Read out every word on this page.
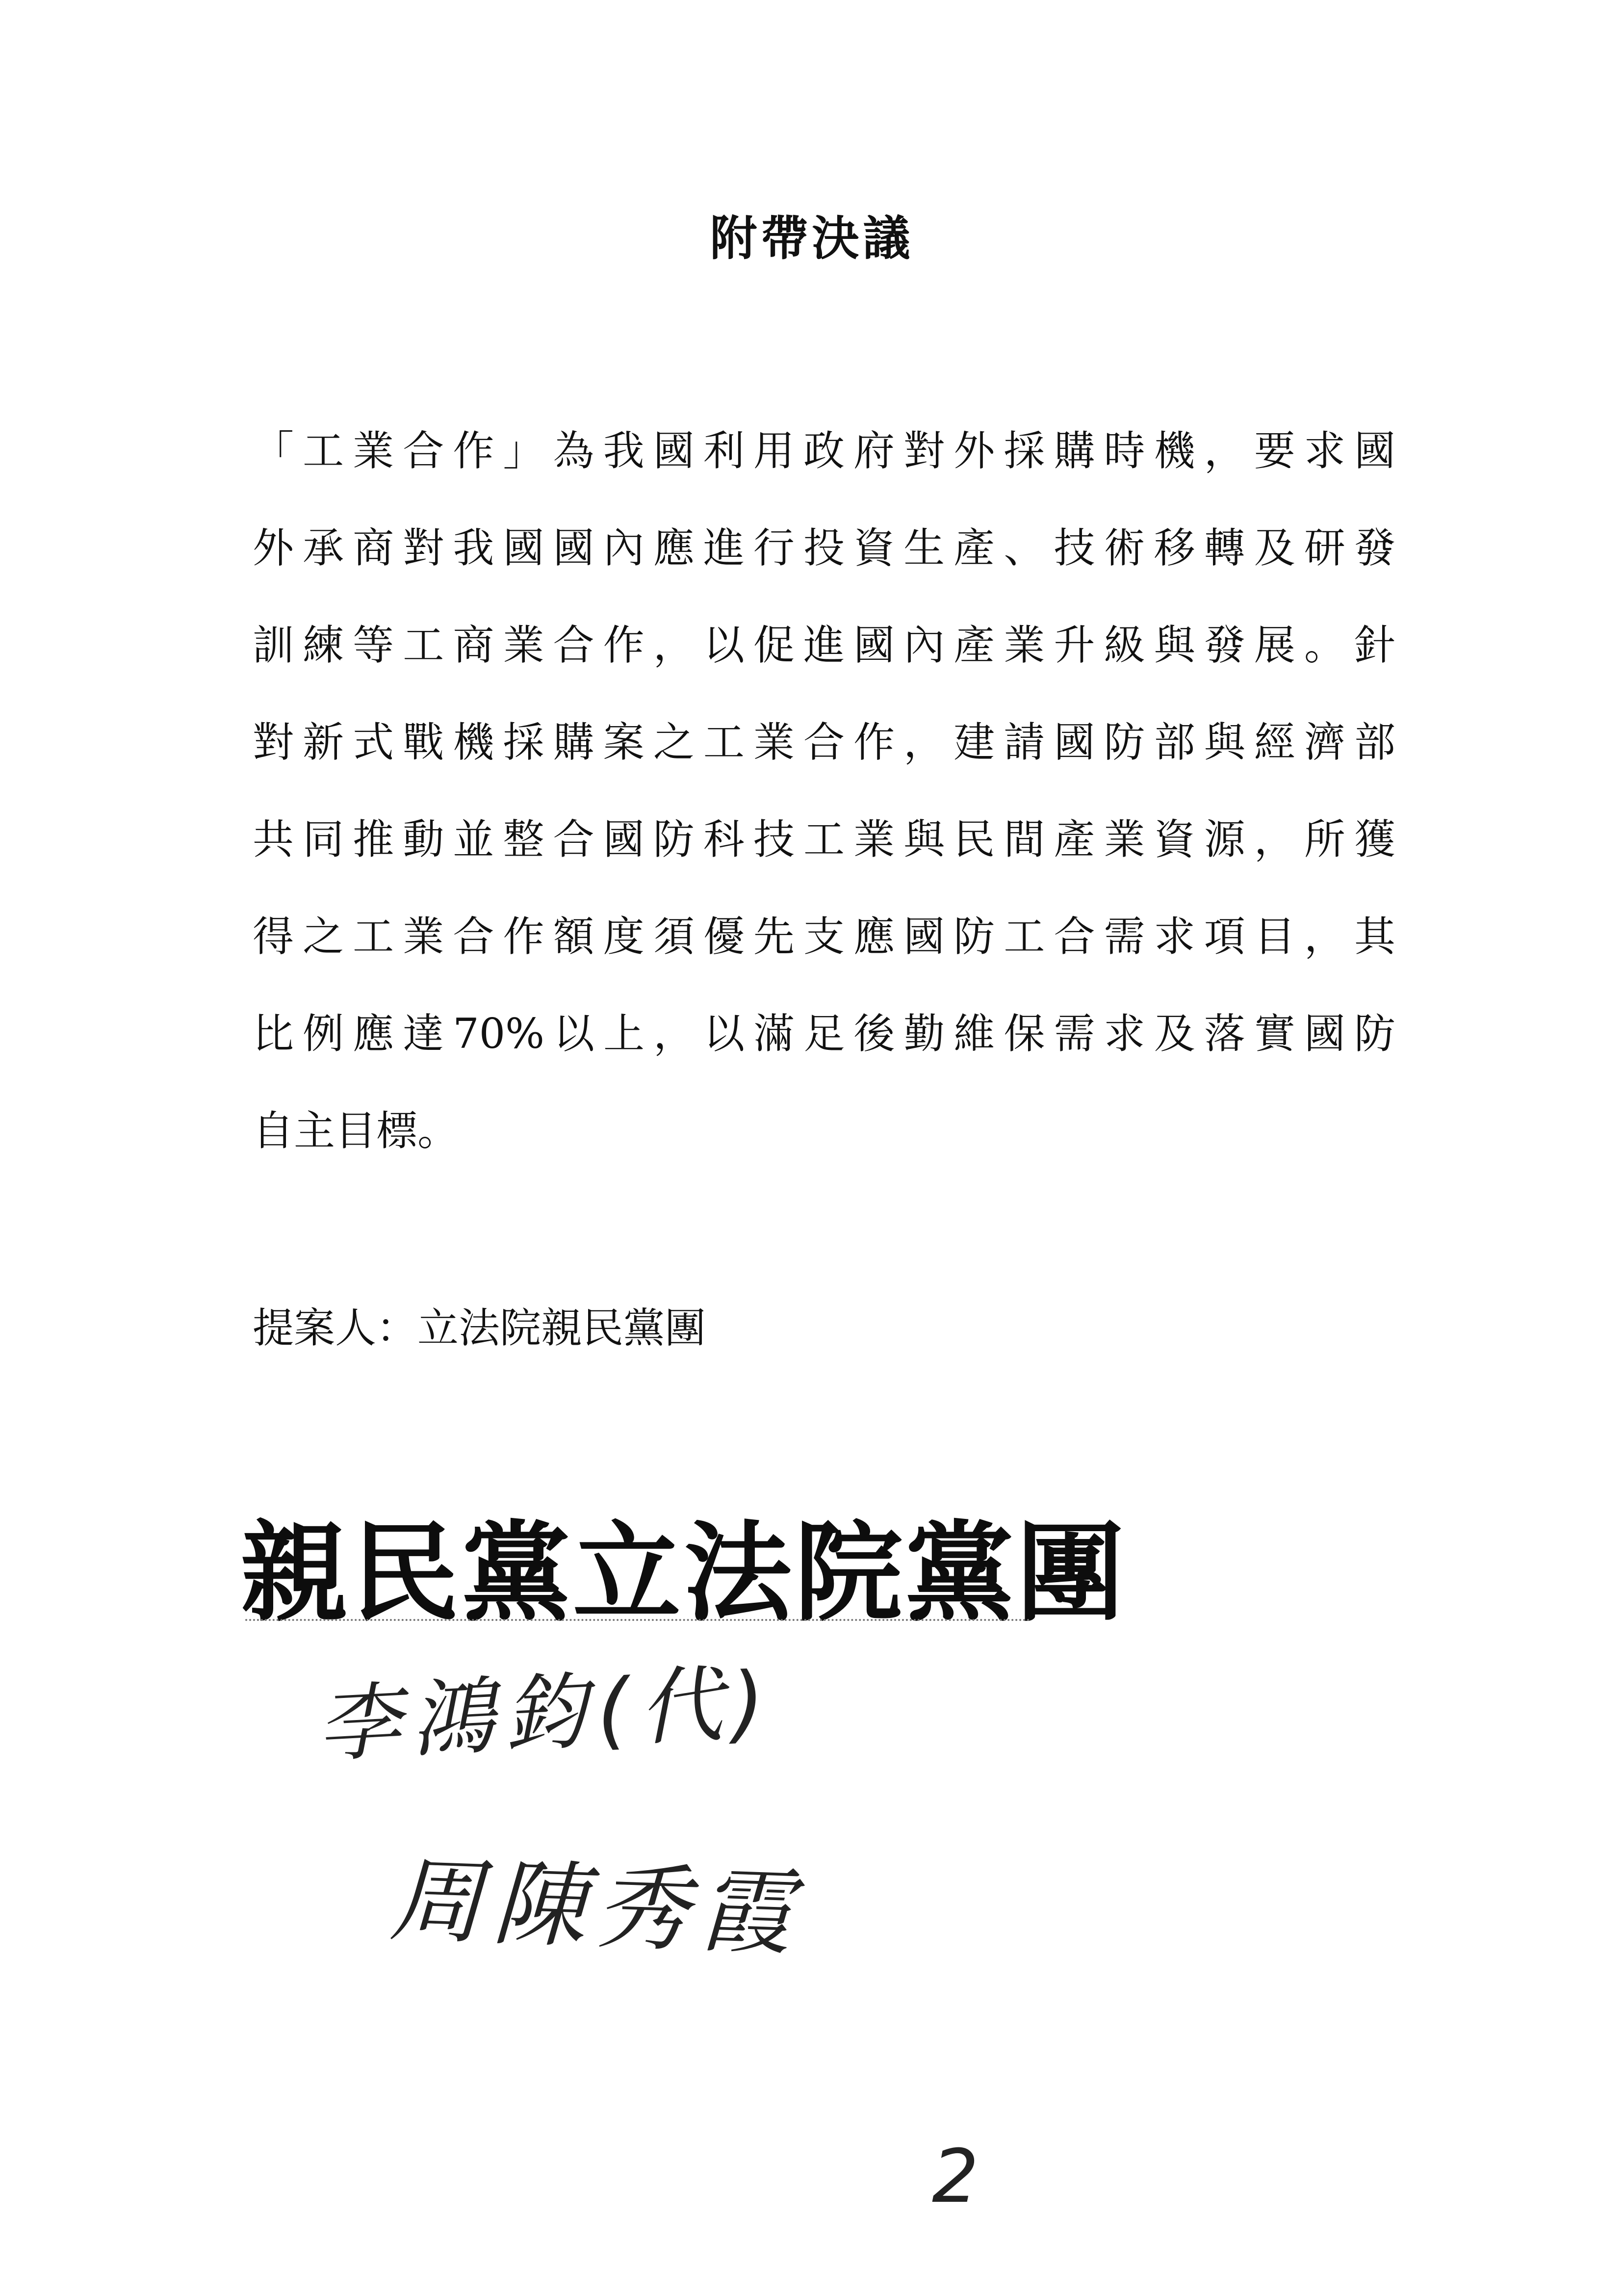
附帶決議
「工業合作」為我國利用政府對外採購時機，要求國
外承商對我國國內應進行投資生產、技術移轉及研發
訓練等工商業合作，以促進國內產業升級與發展。針
對新式戰機採購案之工業合作，建請國防部與經濟部
共同推動並整合國防科技工業與民間產業資源，所獲
得之工業合作額度須優先支應國防工合需求項目，其
比例應達70%以上，以滿足後勤維保需求及落實國防
自主目標。
提案人：立法院親民黨團
親民黨立法院黨團
李鴻鈞(代)
周陳秀霞
2
